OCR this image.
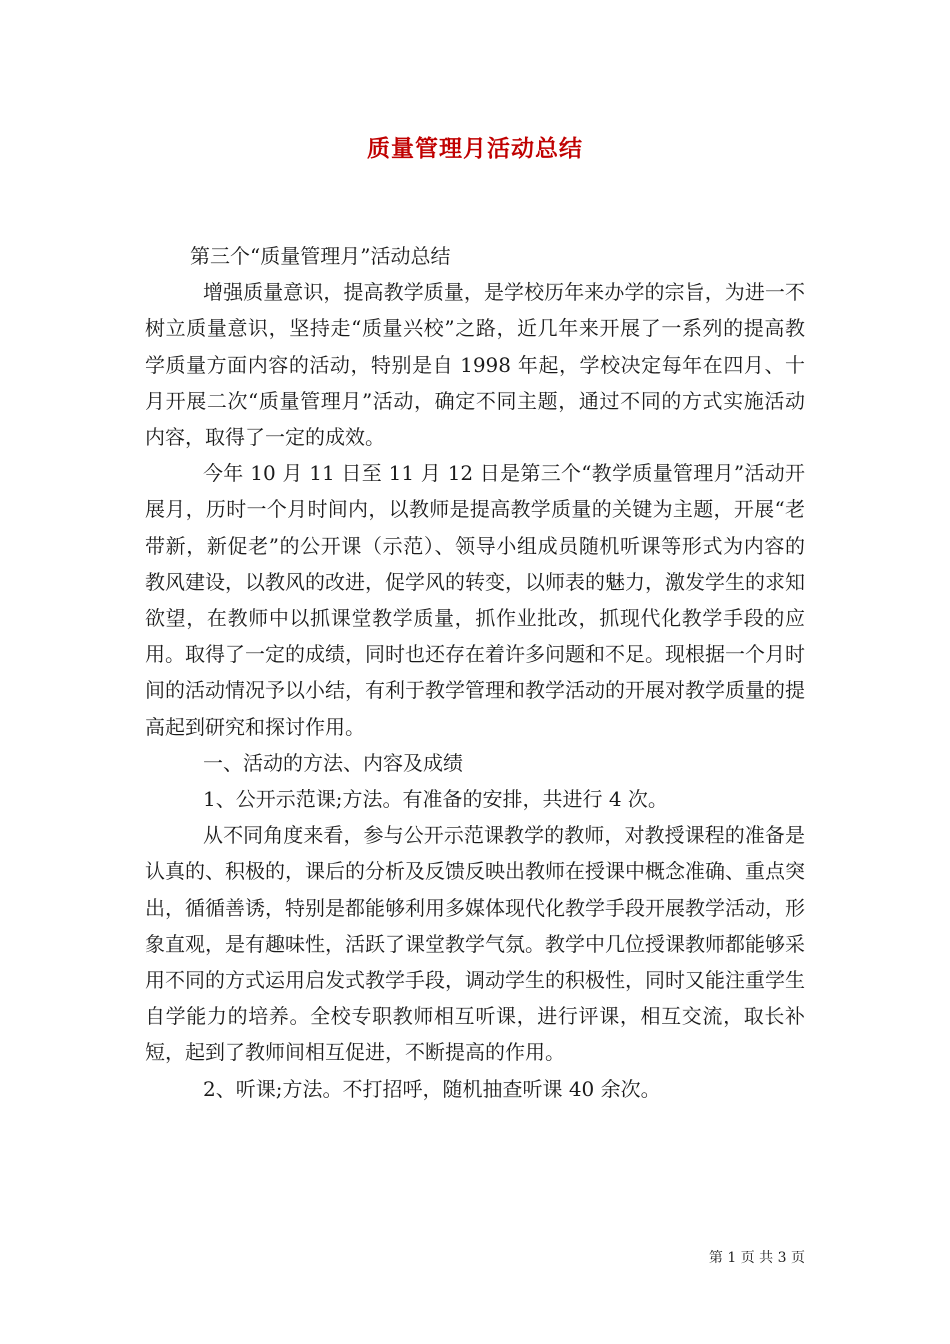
质量管理月活动总结

第三个“质量管理月”活动总结

增强质量意识，提高教学质量，是学校历年来办学的宗旨，为进一不树立质量意识，坚持走“质量兴校”之路，近几年来开展了一系列的提高教学质量方面内容的活动，特别是自 1998 年起，学校决定每年在四月、十月开展二次“质量管理月”活动，确定不同主题，通过不同的方式实施活动内容，取得了一定的成效。

今年 10 月 11 日至 11 月 12 日是第三个“教学质量管理月”活动开展月，历时一个月时间内，以教师是提高教学质量的关键为主题，开展“老带新，新促老”的公开课（示范）、领导小组成员随机听课等形式为内容的教风建设，以教风的改进，促学风的转变，以师表的魅力，激发学生的求知欲望，在教师中以抓课堂教学质量，抓作业批改，抓现代化教学手段的应用。取得了一定的成绩，同时也还存在着许多问题和不足。现根据一个月时间的活动情况予以小结，有利于教学管理和教学活动的开展对教学质量的提高起到研究和探讨作用。

一、活动的方法、内容及成绩

1、公开示范课;方法。有准备的安排，共进行 4 次。

从不同角度来看，参与公开示范课教学的教师，对教授课程的准备是认真的、积极的，课后的分析及反馈反映出教师在授课中概念准确、重点突出，循循善诱，特别是都能够利用多媒体现代化教学手段开展教学活动，形象直观，是有趣味性，活跃了课堂教学气氛。教学中几位授课教师都能够采用不同的方式运用启发式教学手段，调动学生的积极性，同时又能注重学生自学能力的培养。全校专职教师相互听课，进行评课，相互交流，取长补短，起到了教师间相互促进，不断提高的作用。

2、听课;方法。不打招呼，随机抽查听课 40 余次。

第 1 页 共 3 页
